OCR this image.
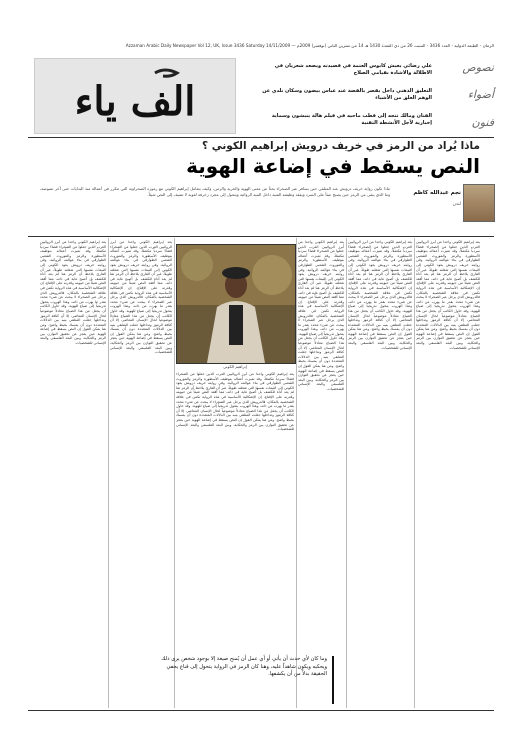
الزمان - الطبعة الدولية - العدد 3436 - السبت 26 من ذي القعدة 1430 هـ 14 من تشرين الثاني (نوفمبر) 2009م — Azzaman Arabic Daily Newspaper Vol 12, UK, Issue 3436 Saturday 14/11/2009
نصوص
أضواء
فنون
علي رضائي يعيش كابوس العتمة في قصيدته ويصعد شعريان في الاطلالة والاشادة بقيامي الصلاح
التعليق الذهني داخل بقصر بالفضة عند عباس بيضون وسكان نلدي عن الوهم العلق من الأشياء
الفنان ومالك تتجه إلى قطب ماحيه في فيلم هالة ينبشون وسماية إخبارية لأجل الأنشطة التقنية
الف ياء
ماذا يُراد من الرمز في خريف درويش إبراهيم الكوني ؟
النص يسقط في إضاعة الهوية
نجم عبدالله كاظم
لندن
ماذا تكون رواية خريف درويش عند المتلقي حين يسافر عبر الصحراء بحثاً عن معنى الهوية والحرية والزمن، وكيف يتعامل إبراهيم الكوني مع رموزه الصحراوية التي تتكرر في أعماله منذ البدايات حتى آخر نصوصه، وما الذي يبقى من الرمز حين يصبح عبئاً على السرد ويفقد وظيفته الفنية داخل البنية الروائية ويتحول إلى مجرد زخرفة لغوية لا تضيف إلى النص شيئاً.
يعد إبراهيم الكوني واحداً من أبرز الروائيين العرب الذين جعلوا من الصحراء فضاءً سردياً مكتملاً، وقد تميزت أعماله بتوظيف الأسطورة والرمز والموروث الشعبي الطوارقي في بناء عوالمه الروائية. وفي روايته خريف درويش يعود الكوني إلى الثيمات نفسها التي شغلته طويلاً، غير أن القارئ يلاحظ أن الرمز هنا لم يعد أداة للكشف بل أصبح غاية في ذاته، مما أفقد النص شيئاً من حيويته وقدرته على الإقناع. إن الإشكالية الأساسية في هذه الرواية تكمن في علاقة الشخصية بالمكان، فالدرويش الذي يرحل عبر الصحراء لا يبحث عن شيء محدد بقدر ما يهرب من ذاته، وهذا الهروب يتحول تدريجياً إلى ضياع للهوية. وقد حاول الكاتب أن يجعل من هذا الضياع معادلاً موضوعياً لحال الإنسان المعاصر، إلا أن كثافة الرموز وتداخلها جعلت المتلقي يتيه بين الدلالات المتعددة دون أن يمسك بخيط واضح. ومن هنا يمكن القول إن النص يسقط في إضاعة الهوية حين يعجز عن تحقيق التوازن بين الرمز والحكاية، وبين البعد الفلسفي والبعد الإنساني للشخصيات.
يعد إبراهيم الكوني واحداً من أبرز الروائيين العرب الذين جعلوا من الصحراء فضاءً سردياً مكتملاً، وقد تميزت أعماله بتوظيف الأسطورة والرمز والموروث الشعبي الطوارقي في بناء عوالمه الروائية. وفي روايته خريف درويش يعود الكوني إلى الثيمات نفسها التي شغلته طويلاً، غير أن القارئ يلاحظ أن الرمز هنا لم يعد أداة للكشف بل أصبح غاية في ذاته، مما أفقد النص شيئاً من حيويته وقدرته على الإقناع. إن الإشكالية الأساسية في هذه الرواية تكمن في علاقة الشخصية بالمكان، فالدرويش الذي يرحل عبر الصحراء لا يبحث عن شيء محدد بقدر ما يهرب من ذاته، وهذا الهروب يتحول تدريجياً إلى ضياع للهوية. وقد حاول الكاتب أن يجعل من هذا الضياع معادلاً موضوعياً لحال الإنسان المعاصر، إلا أن كثافة الرموز وتداخلها جعلت المتلقي يتيه بين الدلالات المتعددة دون أن يمسك بخيط واضح. ومن هنا يمكن القول إن النص يسقط في إضاعة الهوية حين يعجز عن تحقيق التوازن بين الرمز والحكاية، وبين البعد الفلسفي والبعد الإنساني للشخصيات.
يعد إبراهيم الكوني واحداً من أبرز الروائيين العرب الذين جعلوا من الصحراء فضاءً سردياً مكتملاً، وقد تميزت أعماله بتوظيف الأسطورة والرمز والموروث الشعبي الطوارقي في بناء عوالمه الروائية. وفي روايته خريف درويش يعود الكوني إلى الثيمات نفسها التي شغلته طويلاً، غير أن القارئ يلاحظ أن الرمز هنا لم يعد أداة للكشف بل أصبح غاية في ذاته، مما أفقد النص شيئاً من حيويته وقدرته على الإقناع. إن الإشكالية الأساسية في هذه الرواية تكمن في علاقة الشخصية بالمكان، فالدرويش الذي يرحل عبر الصحراء لا يبحث عن شيء محدد بقدر ما يهرب من ذاته، وهذا الهروب يتحول تدريجياً إلى ضياع للهوية. وقد حاول الكاتب أن يجعل من هذا الضياع معادلاً موضوعياً لحال الإنسان المعاصر، إلا أن كثافة الرموز وتداخلها جعلت المتلقي يتيه بين الدلالات المتعددة دون أن يمسك بخيط واضح. ومن هنا يمكن القول إن النص يسقط في إضاعة الهوية حين يعجز عن تحقيق التوازن بين الرمز والحكاية، وبين البعد الفلسفي والبعد الإنساني للشخصيات.
يعد إبراهيم الكوني واحداً من أبرز الروائيين العرب الذين جعلوا من الصحراء فضاءً سردياً مكتملاً، وقد تميزت أعماله بتوظيف الأسطورة والرمز والموروث الشعبي الطوارقي في بناء عوالمه الروائية. وفي روايته خريف درويش يعود الكوني إلى الثيمات نفسها التي شغلته طويلاً، غير أن القارئ يلاحظ أن الرمز هنا لم يعد أداة للكشف بل أصبح غاية في ذاته، مما أفقد النص شيئاً من حيويته وقدرته على الإقناع. إن الإشكالية الأساسية في هذه الرواية تكمن في علاقة الشخصية بالمكان، فالدرويش الذي يرحل عبر الصحراء لا يبحث عن شيء محدد بقدر ما يهرب من ذاته، وهذا الهروب يتحول تدريجياً إلى ضياع للهوية. وقد حاول الكاتب أن يجعل من هذا الضياع معادلاً موضوعياً لحال الإنسان المعاصر، إلا أن كثافة الرموز وتداخلها جعلت المتلقي يتيه بين الدلالات المتعددة دون أن يمسك بخيط واضح. ومن هنا يمكن القول إن النص يسقط في إضاعة الهوية حين يعجز عن تحقيق التوازن بين الرمز والحكاية، وبين البعد الفلسفي والبعد الإنساني للشخصيات.
يعد إبراهيم الكوني واحداً من أبرز الروائيين العرب الذين جعلوا من الصحراء فضاءً سردياً مكتملاً، وقد تميزت أعماله بتوظيف الأسطورة والرمز والموروث الشعبي الطوارقي في بناء عوالمه الروائية. وفي روايته خريف درويش يعود الكوني إلى الثيمات نفسها التي شغلته طويلاً، غير أن القارئ يلاحظ أن الرمز هنا لم يعد أداة للكشف بل أصبح غاية في ذاته، مما أفقد النص شيئاً من حيويته وقدرته على الإقناع. إن الإشكالية الأساسية في هذه الرواية تكمن في علاقة الشخصية بالمكان، فالدرويش الذي يرحل عبر الصحراء لا يبحث عن شيء محدد بقدر ما يهرب من ذاته، وهذا الهروب يتحول تدريجياً إلى ضياع للهوية. وقد حاول الكاتب أن يجعل من هذا الضياع معادلاً موضوعياً لحال الإنسان المعاصر، إلا أن كثافة الرموز وتداخلها جعلت المتلقي يتيه بين الدلالات المتعددة دون أن يمسك بخيط واضح. ومن هنا يمكن القول إن النص يسقط في إضاعة الهوية حين يعجز عن تحقيق التوازن بين الرمز والحكاية، وبين البعد الفلسفي والبعد الإنساني للشخصيات.
يعد إبراهيم الكوني واحداً من أبرز الروائيين العرب الذين جعلوا من الصحراء فضاءً سردياً مكتملاً، وقد تميزت أعماله بتوظيف الأسطورة والرمز والموروث الشعبي الطوارقي في بناء عوالمه الروائية. وفي روايته خريف درويش يعود الكوني إلى الثيمات نفسها التي شغلته طويلاً، غير أن القارئ يلاحظ أن الرمز هنا لم يعد أداة للكشف بل أصبح غاية في ذاته، مما أفقد النص شيئاً من حيويته وقدرته على الإقناع. إن الإشكالية الأساسية في هذه الرواية تكمن في علاقة الشخصية بالمكان، فالدرويش الذي يرحل عبر الصحراء لا يبحث عن شيء محدد بقدر ما يهرب من ذاته، وهذا الهروب يتحول تدريجياً إلى ضياع للهوية. وقد حاول الكاتب أن يجعل من هذا الضياع معادلاً موضوعياً لحال الإنسان المعاصر، إلا أن كثافة الرموز وتداخلها جعلت المتلقي يتيه بين الدلالات المتعددة دون أن يمسك بخيط واضح. ومن هنا يمكن القول إن النص يسقط في إضاعة الهوية حين يعجز عن تحقيق التوازن بين الرمز والحكاية، وبين البعد الفلسفي والبعد الإنساني للشخصيات.
إبراهيم الكوني
وما كان لأي حدث أن يأتي أو أي عمل أن يُمنح صيغة إلا بوجود شخص يرى ذلك ويحكيه ويكون شاهداً عليه، وهنا كان الرمز في الرواية يتحول إلى قناع يخفي الحقيقة بدلاً من أن يكشفها.
